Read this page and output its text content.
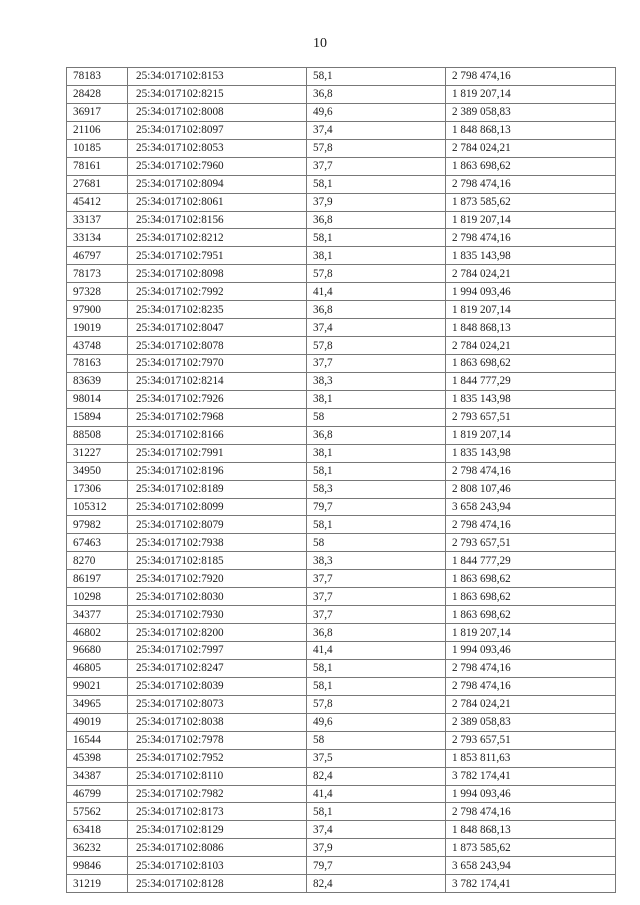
10
78183	25:34:017102:8153	58,1	2 798 474,16
28428	25:34:017102:8215	36,8	1 819 207,14
36917	25:34:017102:8008	49,6	2 389 058,83
21106	25:34:017102:8097	37,4	1 848 868,13
10185	25:34:017102:8053	57,8	2 784 024,21
78161	25:34:017102:7960	37,7	1 863 698,62
27681	25:34:017102:8094	58,1	2 798 474,16
45412	25:34:017102:8061	37,9	1 873 585,62
33137	25:34:017102:8156	36,8	1 819 207,14
33134	25:34:017102:8212	58,1	2 798 474,16
46797	25:34:017102:7951	38,1	1 835 143,98
78173	25:34:017102:8098	57,8	2 784 024,21
97328	25:34:017102:7992	41,4	1 994 093,46
97900	25:34:017102:8235	36,8	1 819 207,14
19019	25:34:017102:8047	37,4	1 848 868,13
43748	25:34:017102:8078	57,8	2 784 024,21
78163	25:34:017102:7970	37,7	1 863 698,62
83639	25:34:017102:8214	38,3	1 844 777,29
98014	25:34:017102:7926	38,1	1 835 143,98
15894	25:34:017102:7968	58	2 793 657,51
88508	25:34:017102:8166	36,8	1 819 207,14
31227	25:34:017102:7991	38,1	1 835 143,98
34950	25:34:017102:8196	58,1	2 798 474,16
17306	25:34:017102:8189	58,3	2 808 107,46
105312	25:34:017102:8099	79,7	3 658 243,94
97982	25:34:017102:8079	58,1	2 798 474,16
67463	25:34:017102:7938	58	2 793 657,51
8270	25:34:017102:8185	38,3	1 844 777,29
86197	25:34:017102:7920	37,7	1 863 698,62
10298	25:34:017102:8030	37,7	1 863 698,62
34377	25:34:017102:7930	37,7	1 863 698,62
46802	25:34:017102:8200	36,8	1 819 207,14
96680	25:34:017102:7997	41,4	1 994 093,46
46805	25:34:017102:8247	58,1	2 798 474,16
99021	25:34:017102:8039	58,1	2 798 474,16
34965	25:34:017102:8073	57,8	2 784 024,21
49019	25:34:017102:8038	49,6	2 389 058,83
16544	25:34:017102:7978	58	2 793 657,51
45398	25:34:017102:7952	37,5	1 853 811,63
34387	25:34:017102:8110	82,4	3 782 174,41
46799	25:34:017102:7982	41,4	1 994 093,46
57562	25:34:017102:8173	58,1	2 798 474,16
63418	25:34:017102:8129	37,4	1 848 868,13
36232	25:34:017102:8086	37,9	1 873 585,62
99846	25:34:017102:8103	79,7	3 658 243,94
31219	25:34:017102:8128	82,4	3 782 174,41
